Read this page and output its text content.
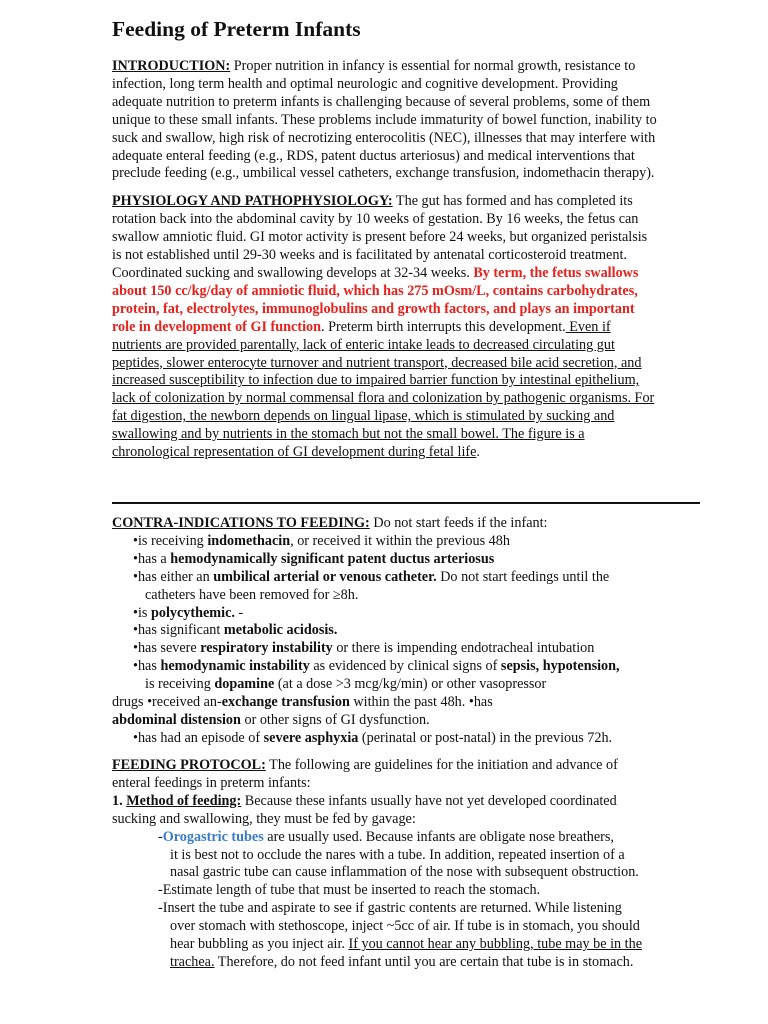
Feeding of Preterm Infants

INTRODUCTION: Proper nutrition in infancy is essential for normal growth, resistance to infection, long term health and optimal neurologic and cognitive development. Providing adequate nutrition to preterm infants is challenging because of several problems, some of them unique to these small infants. These problems include immaturity of bowel function, inability to suck and swallow, high risk of necrotizing enterocolitis (NEC), illnesses that may interfere with adequate enteral feeding (e.g., RDS, patent ductus arteriosus) and medical interventions that preclude feeding (e.g., umbilical vessel catheters, exchange transfusion, indomethacin therapy).

PHYSIOLOGY AND PATHOPHYSIOLOGY: The gut has formed and has completed its rotation back into the abdominal cavity by 10 weeks of gestation. By 16 weeks, the fetus can swallow amniotic fluid. GI motor activity is present before 24 weeks, but organized peristalsis is not established until 29-30 weeks and is facilitated by antenatal corticosteroid treatment. Coordinated sucking and swallowing develops at 32-34 weeks. By term, the fetus swallows about 150 cc/kg/day of amniotic fluid, which has 275 mOsm/L, contains carbohydrates, protein, fat, electrolytes, immunoglobulins and growth factors, and plays an important role in development of GI function. Preterm birth interrupts this development. Even if nutrients are provided parentally, lack of enteric intake leads to decreased circulating gut peptides, slower enterocyte turnover and nutrient transport, decreased bile acid secretion, and increased susceptibility to infection due to impaired barrier function by intestinal epithelium, lack of colonization by normal commensal flora and colonization by pathogenic organisms. For fat digestion, the newborn depends on lingual lipase, which is stimulated by sucking and swallowing and by nutrients in the stomach but not the small bowel. The figure is a chronological representation of GI development during fetal life.

CONTRA-INDICATIONS TO FEEDING: Do not start feeds if the infant:

•is receiving indomethacin, or received it within the previous 48h

•has a hemodynamically significant patent ductus arteriosus

•has either an umbilical arterial or venous catheter. Do not start feedings until the

catheters have been removed for ≥8h.

•is polycythemic. -

•has significant metabolic acidosis.

•has severe respiratory instability or there is impending endotracheal intubation

•has hemodynamic instability as evidenced by clinical signs of sepsis, hypotension,

is receiving dopamine (at a dose >3 mcg/kg/min) or other vasopressor

drugs •received an-exchange transfusion within the past 48h. •has

abdominal distension or other signs of GI dysfunction.

•has had an episode of severe asphyxia (perinatal or post-natal) in the previous 72h.

FEEDING PROTOCOL: The following are guidelines for the initiation and advance of enteral feedings in preterm infants:

1. Method of feeding: Because these infants usually have not yet developed coordinated sucking and swallowing, they must be fed by gavage:

-Orogastric tubes are usually used. Because infants are obligate nose breathers,

it is best not to occlude the nares with a tube. In addition, repeated insertion of a nasal gastric tube can cause inflammation of the nose with subsequent obstruction.

-Estimate length of tube that must be inserted to reach the stomach.

-Insert the tube and aspirate to see if gastric contents are returned. While listening

over stomach with stethoscope, inject ~5cc of air. If tube is in stomach, you should hear bubbling as you inject air. If you cannot hear any bubbling, tube may be in the trachea. Therefore, do not feed infant until you are certain that tube is in stomach.
